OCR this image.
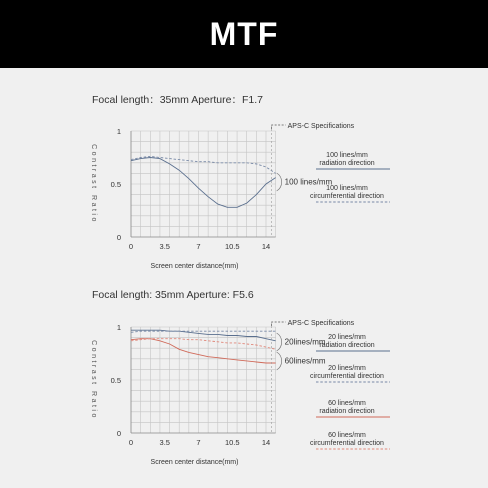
MTF
Focal length：35mm Aperture：F1.7
0	3.5	7	10.5	14
0
0.5
1
Screen center distance(mm)
Contrast Ratio
APS-C Specifications
100 lines/mm
100 lines/mm
radiation direction
100 lines/mm
circumferential direction
Focal length: 35mm Aperture: F5.6
0	3.5	7	10.5	14
0
0.5
1
Screen center distance(mm)
Contrast Ratio
APS-C Specifications
20lines/mm
60lines/mm
20 lines/mm
radiation direction
20 lines/mm
circumferential direction
60 lines/mm
radiation direction
60 lines/mm
circumferential direction
